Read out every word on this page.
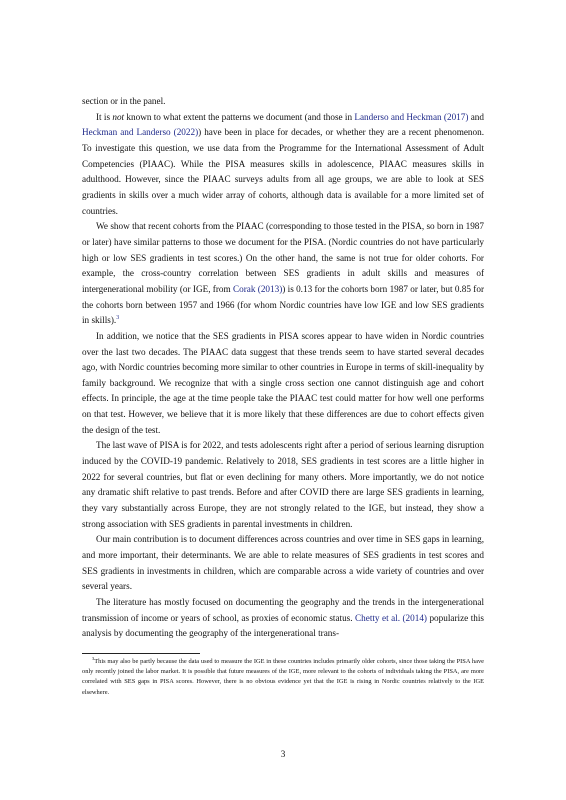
section or in the panel.

It is not known to what extent the patterns we document (and those in Landerso and Heckman (2017) and Heckman and Landerso (2022)) have been in place for decades, or whether they are a recent phenomenon. To investigate this question, we use data from the Programme for the International Assessment of Adult Competencies (PIAAC). While the PISA measures skills in adolescence, PIAAC measures skills in adulthood. However, since the PIAAC surveys adults from all age groups, we are able to look at SES gradients in skills over a much wider array of cohorts, although data is available for a more limited set of countries.

We show that recent cohorts from the PIAAC (corresponding to those tested in the PISA, so born in 1987 or later) have similar patterns to those we document for the PISA. (Nordic countries do not have particularly high or low SES gradients in test scores.) On the other hand, the same is not true for older cohorts. For example, the cross-country correlation between SES gradients in adult skills and measures of intergenerational mobility (or IGE, from Corak (2013)) is 0.13 for the cohorts born 1987 or later, but 0.85 for the cohorts born between 1957 and 1966 (for whom Nordic countries have low IGE and low SES gradients in skills).$^3$

In addition, we notice that the SES gradients in PISA scores appear to have widen in Nordic countries over the last two decades. The PIAAC data suggest that these trends seem to have started several decades ago, with Nordic countries becoming more similar to other countries in Europe in terms of skill-inequality by family background. We recognize that with a single cross section one cannot distinguish age and cohort effects. In principle, the age at the time people take the PIAAC test could matter for how well one performs on that test. However, we believe that it is more likely that these differences are due to cohort effects given the design of the test.

The last wave of PISA is for 2022, and tests adolescents right after a period of serious learning disruption induced by the COVID-19 pandemic. Relatively to 2018, SES gradients in test scores are a little higher in 2022 for several countries, but flat or even declining for many others. More importantly, we do not notice any dramatic shift relative to past trends. Before and after COVID there are large SES gradients in learning, they vary substantially across Europe, they are not strongly related to the IGE, but instead, they show a strong association with SES gradients in parental investments in children.

Our main contribution is to document differences across countries and over time in SES gaps in learning, and more important, their determinants. We are able to relate measures of SES gradients in test scores and SES gradients in investments in children, which are comparable across a wide variety of countries and over several years.

The literature has mostly focused on documenting the geography and the trends in the intergenerational transmission of income or years of school, as proxies of economic status. Chetty et al. (2014) popularize this analysis by documenting the geography of the intergenerational trans-

$^3$This may also be partly because the data used to measure the IGE in these countries includes primarily older cohorts, since those taking the PISA have only recently joined the labor market. It is possible that future measures of the IGE, more relevant to the cohorts of individuals taking the PISA, are more correlated with SES gaps in PISA scores. However, there is no obvious evidence yet that the IGE is rising in Nordic countries relatively to the IGE elsewhere.

3
